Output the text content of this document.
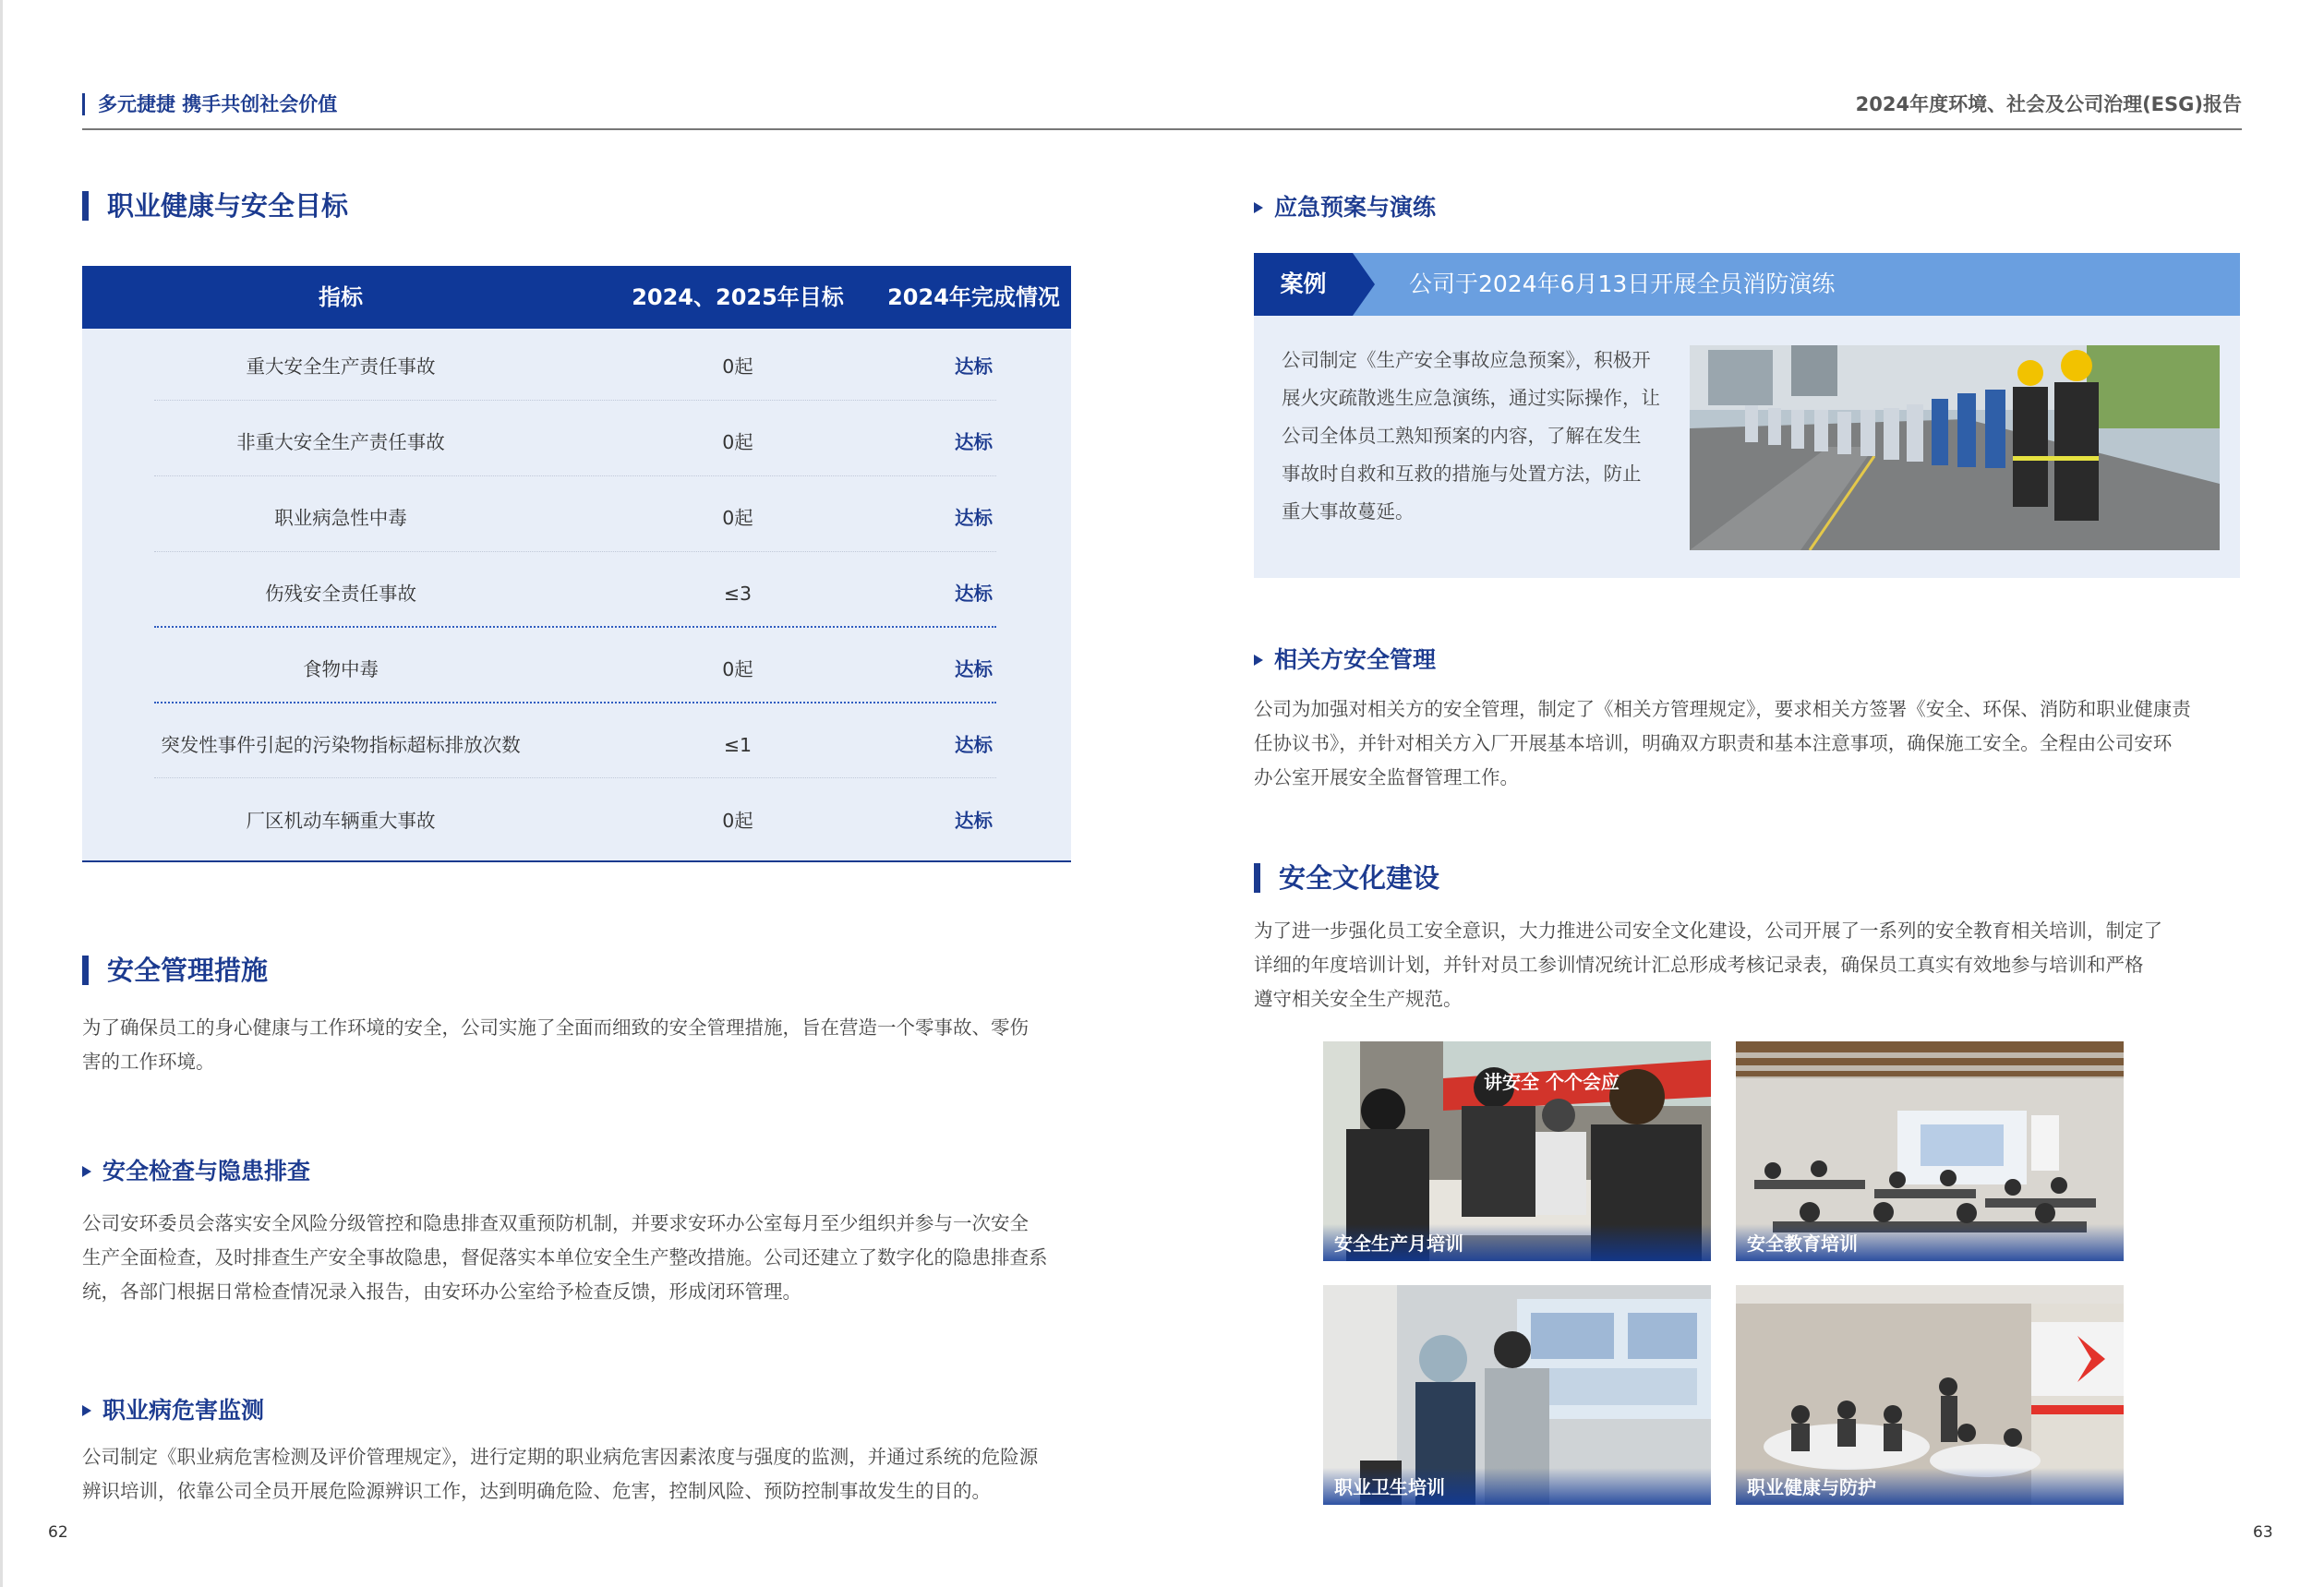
多元捷捷 携手共创社会价值	2024年度环境、社会及公司治理(ESG)报告
职业健康与安全目标
指标	2024、2025年目标	2024年完成情况
重大安全生产责任事故	0起	达标
非重大安全生产责任事故	0起	达标
职业病急性中毒	0起	达标
伤残安全责任事故	≤3	达标
食物中毒	0起	达标
突发性事件引起的污染物指标超标排放次数	≤1	达标
厂区机动车辆重大事故	0起	达标
安全管理措施
为了确保员工的身心健康与工作环境的安全，公司实施了全面而细致的安全管理措施，旨在营造一个零事故、零伤
害的工作环境。
安全检查与隐患排查
公司安环委员会落实安全风险分级管控和隐患排查双重预防机制，并要求安环办公室每月至少组织并参与一次安全
生产全面检查，及时排查生产安全事故隐患，督促落实本单位安全生产整改措施。公司还建立了数字化的隐患排查系
统，各部门根据日常检查情况录入报告，由安环办公室给予检查反馈，形成闭环管理。
职业病危害监测
公司制定《职业病危害检测及评价管理规定》，进行定期的职业病危害因素浓度与强度的监测，并通过系统的危险源
辨识培训，依靠公司全员开展危险源辨识工作，达到明确危险、危害，控制风险、预防控制事故发生的目的。
62
应急预案与演练
案例	公司于2024年6月13日开展全员消防演练
公司制定《生产安全事故应急预案》，积极开
展火灾疏散逃生应急演练，通过实际操作，让
公司全体员工熟知预案的内容，了解在发生
事故时自救和互救的措施与处置方法，防止
重大事故蔓延。
相关方安全管理
公司为加强对相关方的安全管理，制定了《相关方管理规定》，要求相关方签署《安全、环保、消防和职业健康责
任协议书》，并针对相关方入厂开展基本培训，明确双方职责和基本注意事项，确保施工安全。全程由公司安环
办公室开展安全监督管理工作。
安全文化建设
为了进一步强化员工安全意识，大力推进公司安全文化建设，公司开展了一系列的安全教育相关培训，制定了
详细的年度培训计划，并针对员工参训情况统计汇总形成考核记录表，确保员工真实有效地参与培训和严格
遵守相关安全生产规范。
安全生产月培训
讲安全 个个会应
安全教育培训
职业卫生培训	职业健康与防护
63
